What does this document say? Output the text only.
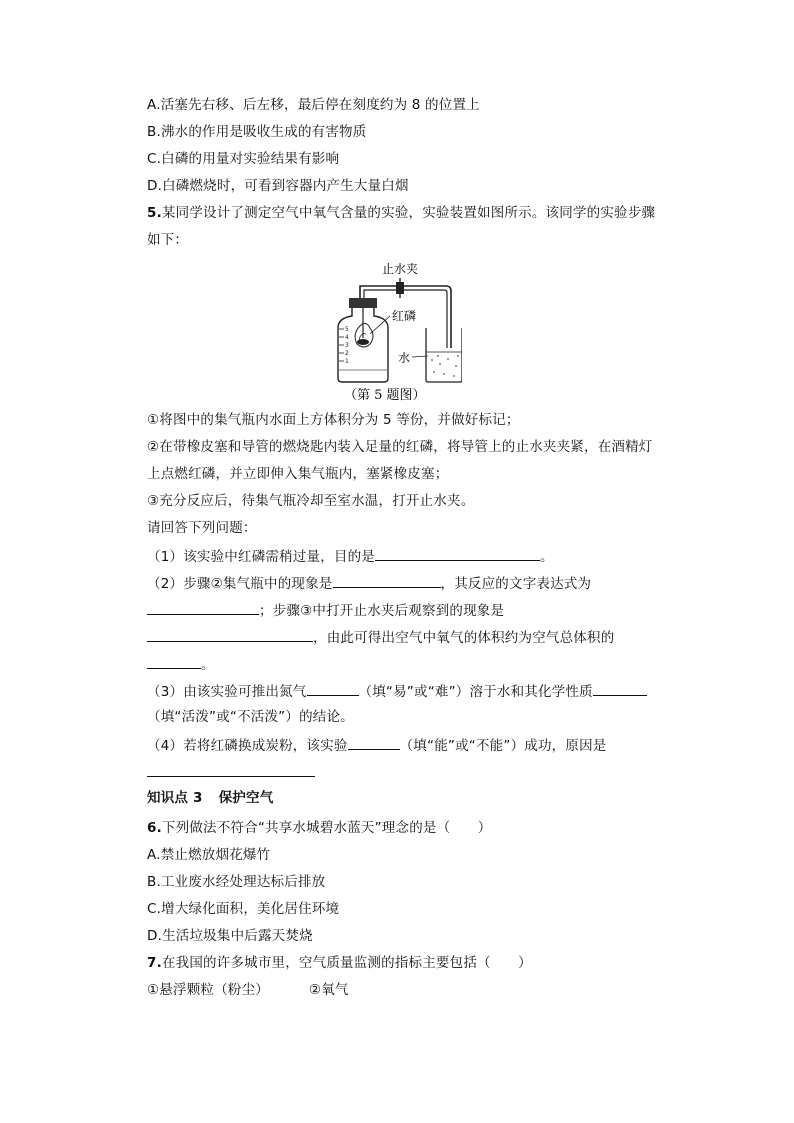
A.活塞先右移、后左移，最后停在刻度约为 8 的位置上
B.沸水的作用是吸收生成的有害物质
C.白磷的用量对实验结果有影响
D.白磷燃烧时，可看到容器内产生大量白烟
5.某同学设计了测定空气中氧气含量的实验，实验装置如图所示。该同学的实验步骤
如下：
止水夹
5
4
3
2
1
红磷
水
（第 5 题图）
①将图中的集气瓶内水面上方体积分为 5 等份，并做好标记；
②在带橡皮塞和导管的燃烧匙内装入足量的红磷，将导管上的止水夹夹紧，在酒精灯
上点燃红磷，并立即伸入集气瓶内，塞紧橡皮塞；
③充分反应后，待集气瓶冷却至室水温，打开止水夹。
请回答下列问题：
（1）该实验中红磷需稍过量，目的是	。
（2）步骤②集气瓶中的现象是	，其反应的文字表达式为
；步骤③中打开止水夹后观察到的现象是
，由此可得出空气中氧气的体积约为空气总体积的
。
（3）由该实验可推出氮气	（填“易”或“难”）溶于水和其化学性质
（填“活泼”或“不活泼”）的结论。
（4）若将红磷换成炭粉，该实验	（填“能”或“不能”）成功，原因是
知识点 3 保护空气
6.下列做法不符合“共享水城碧水蓝天”理念的是（　　）
A.禁止燃放烟花爆竹
B.工业废水经处理达标后排放
C.增大绿化面积，美化居住环境
D.生活垃圾集中后露天焚烧
7.在我国的许多城市里，空气质量监测的指标主要包括（　　）
①悬浮颗粒（粉尘）	②氧气
